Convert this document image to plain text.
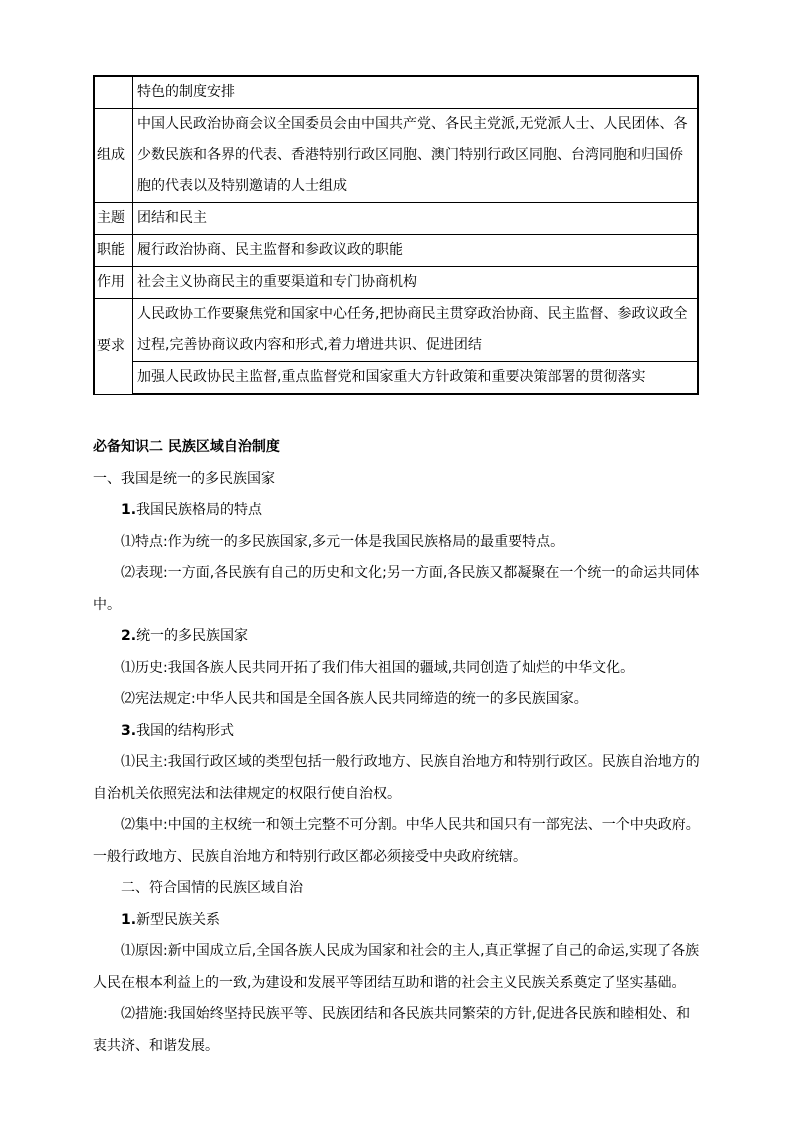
	特色的制度安排
组成	中国人民政治协商会议全国委员会由中国共产党、各民主党派,无党派人士、人民团体、各少数民族和各界的代表、香港特别行政区同胞、澳门特别行政区同胞、台湾同胞和归国侨胞的代表以及特别邀请的人士组成
主题	团结和民主
职能	履行政治协商、民主监督和参政议政的职能
作用	社会主义协商民主的重要渠道和专门协商机构
要求	人民政协工作要聚焦党和国家中心任务,把协商民主贯穿政治协商、民主监督、参政议政全过程,完善协商议政内容和形式,着力增进共识、促进团结
	加强人民政协民主监督,重点监督党和国家重大方针政策和重要决策部署的贯彻落实

必备知识二 民族区域自治制度

一、我国是统一的多民族国家

1.我国民族格局的特点

⑴特点:作为统一的多民族国家,多元一体是我国民族格局的最重要特点。

⑵表现:一方面,各民族有自己的历史和文化;另一方面,各民族又都凝聚在一个统一的命运共同体中。

2.统一的多民族国家

⑴历史:我国各族人民共同开拓了我们伟大祖国的疆域,共同创造了灿烂的中华文化。

⑵宪法规定:中华人民共和国是全国各族人民共同缔造的统一的多民族国家。

3.我国的结构形式

⑴民主:我国行政区域的类型包括一般行政地方、民族自治地方和特别行政区。民族自治地方的自治机关依照宪法和法律规定的权限行使自治权。

⑵集中:中国的主权统一和领土完整不可分割。中华人民共和国只有一部宪法、一个中央政府。一般行政地方、民族自治地方和特别行政区都必须接受中央政府统辖。

二、符合国情的民族区域自治

1.新型民族关系

⑴原因:新中国成立后,全国各族人民成为国家和社会的主人,真正掌握了自己的命运,实现了各族人民在根本利益上的一致,为建设和发展平等团结互助和谐的社会主义民族关系奠定了坚实基础。

⑵措施:我国始终坚持民族平等、民族团结和各民族共同繁荣的方针,促进各民族和睦相处、和衷共济、和谐发展。
